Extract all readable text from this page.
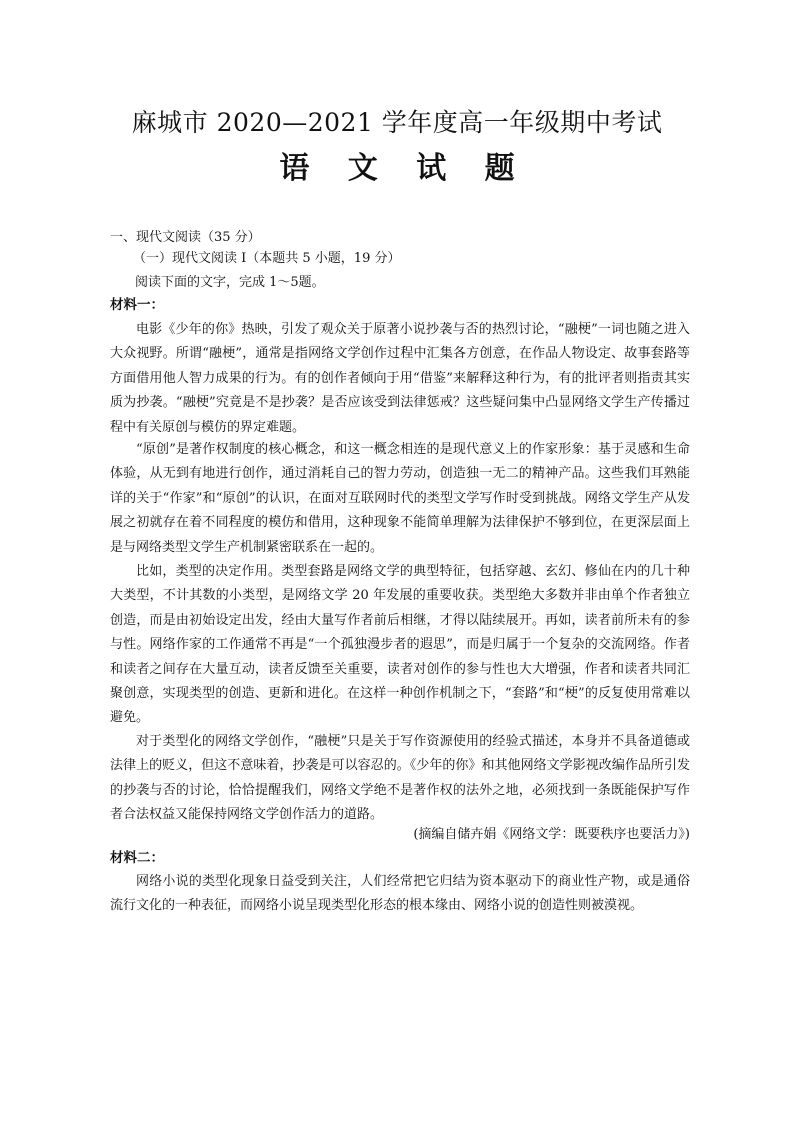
麻城市 2020—2021 学年度高一年级期中考试
语 文 试 题

一、现代文阅读（35 分）

（一）现代文阅读 I（本题共 5 小题，19 分）

阅读下面的文字，完成 1～5题。

材料一：

电影《少年的你》热映，引发了观众关于原著小说抄袭与否的热烈讨论，“融梗”一词也随之进入大众视野。所谓“融梗”，通常是指网络文学创作过程中汇集各方创意，在作品人物设定、故事套路等方面借用他人智力成果的行为。有的创作者倾向于用“借鉴”来解释这种行为，有的批评者则指责其实质为抄袭。“融梗”究竟是不是抄袭？是否应该受到法律惩戒？这些疑问集中凸显网络文学生产传播过程中有关原创与模仿的界定难题。

“原创”是著作权制度的核心概念，和这一概念相连的是现代意义上的作家形象：基于灵感和生命体验，从无到有地进行创作，通过消耗自己的智力劳动，创造独一无二的精神产品。这些我们耳熟能详的关于“作家”和“原创”的认识，在面对互联网时代的类型文学写作时受到挑战。网络文学生产从发展之初就存在着不同程度的模仿和借用，这种现象不能简单理解为法律保护不够到位，在更深层面上是与网络类型文学生产机制紧密联系在一起的。

比如，类型的决定作用。类型套路是网络文学的典型特征，包括穿越、玄幻、修仙在内的几十种大类型，不计其数的小类型，是网络文学 20 年发展的重要收获。类型绝大多数并非由单个作者独立创造，而是由初始设定出发，经由大量写作者前后相继，才得以陆续展开。再如，读者前所未有的参与性。网络作家的工作通常不再是“一个孤独漫步者的遐思”，而是归属于一个复杂的交流网络。作者和读者之间存在大量互动，读者反馈至关重要，读者对创作的参与性也大大增强，作者和读者共同汇聚创意，实现类型的创造、更新和进化。在这样一种创作机制之下，“套路”和“梗”的反复使用常难以避免。

对于类型化的网络文学创作，“融梗”只是关于写作资源使用的经验式描述，本身并不具备道德或法律上的贬义，但这不意味着，抄袭是可以容忍的。《少年的你》和其他网络文学影视改编作品所引发的抄袭与否的讨论，恰恰提醒我们，网络文学绝不是著作权的法外之地，必须找到一条既能保护写作者合法权益又能保持网络文学创作活力的道路。

(摘编自储卉娟《网络文学：既要秩序也要活力》)

材料二：

网络小说的类型化现象日益受到关注，人们经常把它归结为资本驱动下的商业性产物，或是通俗流行文化的一种表征，而网络小说呈现类型化形态的根本缘由、网络小说的创造性则被漠视。
